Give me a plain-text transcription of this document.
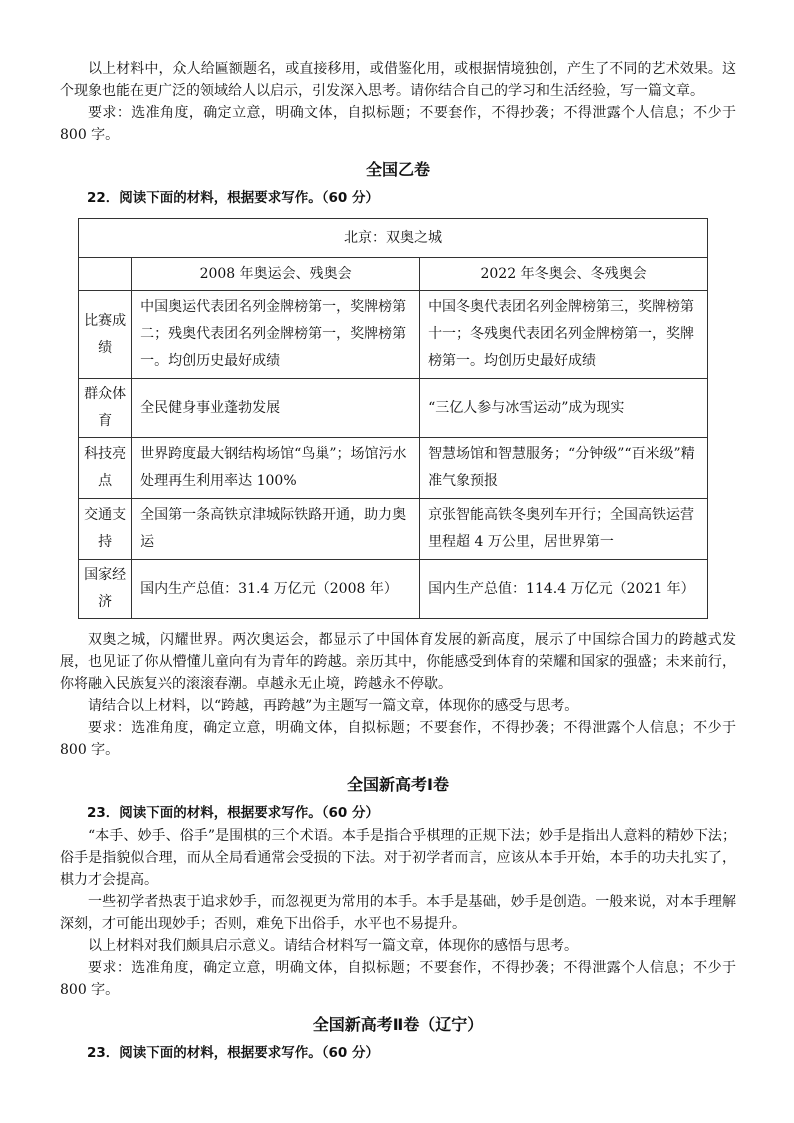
以上材料中，众人给匾额题名，或直接移用，或借鉴化用，或根据情境独创，产生了不同的艺术效果。这个现象也能在更广泛的领域给人以启示，引发深入思考。请你结合自己的学习和生活经验，写一篇文章。

要求：选准角度，确定立意，明确文体，自拟标题；不要套作，不得抄袭；不得泄露个人信息；不少于 800 字。

全国乙卷

22．阅读下面的材料，根据要求写作。（60 分）

北京：双奥之城		
	2008 年奥运会、残奥会	2022 年冬奥会、冬残奥会
比赛成绩	中国奥运代表团名列金牌榜第一，奖牌榜第二；残奥代表团名列金牌榜第一，奖牌榜第一。均创历史最好成绩	中国冬奥代表团名列金牌榜第三，奖牌榜第十一；冬残奥代表团名列金牌榜第一，奖牌榜第一。均创历史最好成绩
群众体育	全民健身事业蓬勃发展	“三亿人参与冰雪运动”成为现实
科技亮点	世界跨度最大钢结构场馆“鸟巢”；场馆污水处理再生利用率达 100%	智慧场馆和智慧服务；“分钟级”“百米级”精准气象预报
交通支持	全国第一条高铁京津城际铁路开通，助力奥运	京张智能高铁冬奥列车开行；全国高铁运营里程超 4 万公里，居世界第一
国家经济	国内生产总值：31.4 万亿元（2008 年）	国内生产总值：114.4 万亿元（2021 年）

双奥之城，闪耀世界。两次奥运会，都显示了中国体育发展的新高度，展示了中国综合国力的跨越式发展，也见证了你从懵懂儿童向有为青年的跨越。亲历其中，你能感受到体育的荣耀和国家的强盛；未来前行，你将融入民族复兴的滚滚春潮。卓越永无止境，跨越永不停歇。

请结合以上材料，以“跨越，再跨越”为主题写一篇文章，体现你的感受与思考。

要求：选准角度，确定立意，明确文体，自拟标题；不要套作，不得抄袭；不得泄露个人信息；不少于 800 字。

全国新高考Ⅰ卷

23．阅读下面的材料，根据要求写作。（60 分）

“本手、妙手、俗手”是围棋的三个术语。本手是指合乎棋理的正规下法；妙手是指出人意料的精妙下法；俗手是指貌似合理，而从全局看通常会受损的下法。对于初学者而言，应该从本手开始，本手的功夫扎实了，棋力才会提高。

一些初学者热衷于追求妙手，而忽视更为常用的本手。本手是基础，妙手是创造。一般来说，对本手理解深刻，才可能出现妙手；否则，难免下出俗手，水平也不易提升。

以上材料对我们颇具启示意义。请结合材料写一篇文章，体现你的感悟与思考。

要求：选准角度，确定立意，明确文体，自拟标题；不要套作，不得抄袭；不得泄露个人信息；不少于 800 字。

全国新高考Ⅱ卷（辽宁）

23．阅读下面的材料，根据要求写作。（60 分）
